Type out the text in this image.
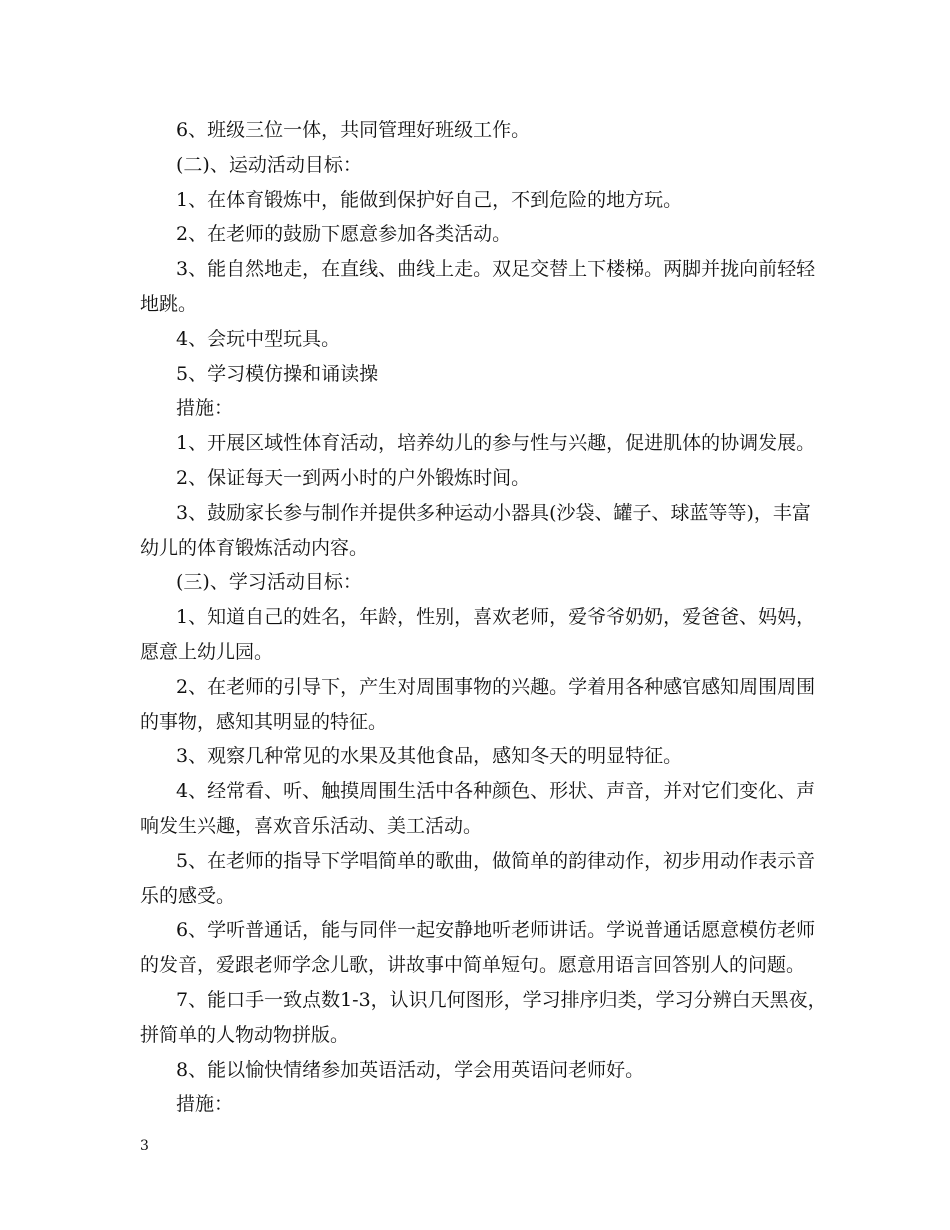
6、班级三位一体，共同管理好班级工作。

(二)、运动活动目标：

1、在体育锻炼中，能做到保护好自己，不到危险的地方玩。

2、在老师的鼓励下愿意参加各类活动。

3、能自然地走，在直线、曲线上走。双足交替上下楼梯。两脚并拢向前轻轻

地跳。

4、会玩中型玩具。

5、学习模仿操和诵读操

措施：

1、开展区域性体育活动，培养幼儿的参与性与兴趣，促进肌体的协调发展。

2、保证每天一到两小时的户外锻炼时间。

3、鼓励家长参与制作并提供多种运动小器具(沙袋、罐子、球蓝等等)，丰富

幼儿的体育锻炼活动内容。

(三)、学习活动目标：

1、知道自己的姓名，年龄，性别，喜欢老师，爱爷爷奶奶，爱爸爸、妈妈，

愿意上幼儿园。

2、在老师的引导下，产生对周围事物的兴趣。学着用各种感官感知周围周围

的事物，感知其明显的特征。

3、观察几种常见的水果及其他食品，感知冬天的明显特征。

4、经常看、听、触摸周围生活中各种颜色、形状、声音，并对它们变化、声

响发生兴趣，喜欢音乐活动、美工活动。

5、在老师的指导下学唱简单的歌曲，做简单的韵律动作，初步用动作表示音

乐的感受。

6、学听普通话，能与同伴一起安静地听老师讲话。学说普通话愿意模仿老师

的发音，爱跟老师学念儿歌，讲故事中简单短句。愿意用语言回答别人的问题。

7、能口手一致点数1-3，认识几何图形，学习排序归类，学习分辨白天黑夜，

拼简单的人物动物拼版。

8、能以愉快情绪参加英语活动，学会用英语问老师好。

措施：

3
